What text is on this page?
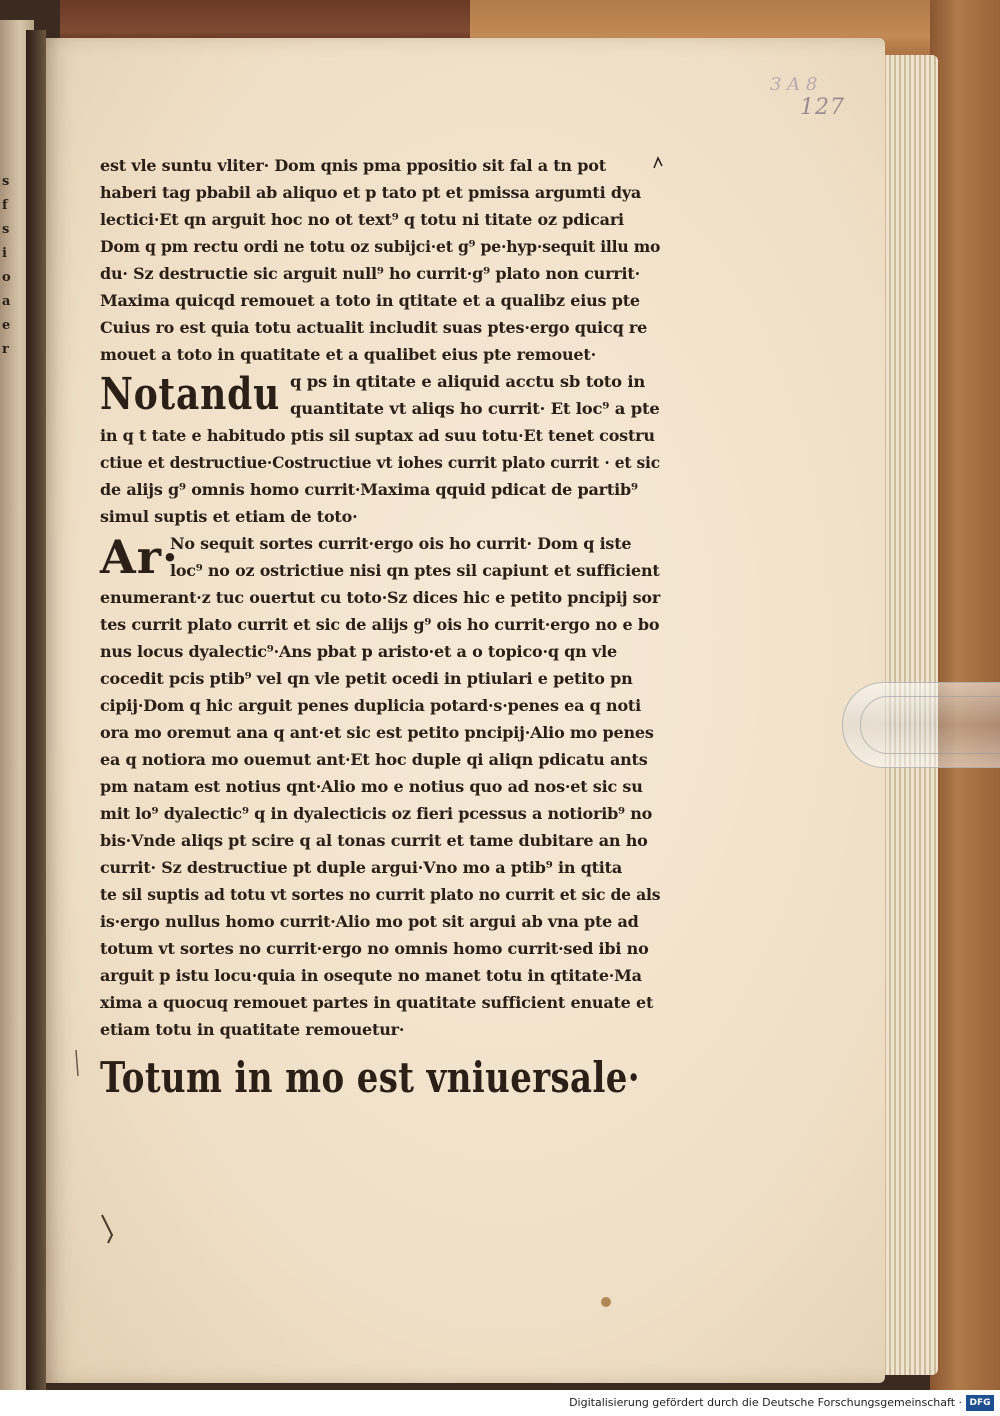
s
f
s
i
o
a
e
r
3 A 8
127
est vle suntu vliter· Dom qnis pma ppositio sit fal a tn pot
haberi tag pbabil ab aliquo et p tato pt et pmissa argumti dya
lectici·Et qn arguit hoc no ot text⁹ q totu ni titate oz pdicari
Dom q pm rectu ordi ne totu oz subijci·et g⁹ pe·hyp·sequit illu mo
du· Sz destructie sic arguit null⁹ ho currit·g⁹ plato non currit·
Maxima quicqd remouet a toto in qtitate et a qualibz eius pte
Cuius ro est quia totu actualit includit suas ptes·ergo quicq re
mouet a toto in quatitate et a qualibet eius pte remouet·
Notandu q ps in qtitate e aliquid acctu sb toto in
quantitate vt aliqs ho currit· Et loc⁹ a pte
in q t tate e habitudo ptis sil suptax ad suu totu·Et tenet costru
ctiue et destructiue·Costructiue vt iohes currit plato currit · et sic
de alijs g⁹ omnis homo currit·Maxima qquid pdicat de partib⁹
simul suptis et etiam de toto·
Ar·
No sequit sortes currit·ergo ois ho currit· Dom q iste
loc⁹ no oz ostrictiue nisi qn ptes sil capiunt et sufficient
enumerant·z tuc ouertut cu toto·Sz dices hic e petito pncipij sor
tes currit plato currit et sic de alijs g⁹ ois ho currit·ergo no e bo
nus locus dyalectic⁹·Ans pbat p aristo·et a o topico·q qn vle
cocedit pcis ptib⁹ vel qn vle petit ocedi in ptiulari e petito pn
cipij·Dom q hic arguit penes duplicia potard·s·penes ea q noti
ora mo oremut ana q ant·et sic est petito pncipij·Alio mo penes
ea q notiora mo ouemut ant·Et hoc duple qi aliqn pdicatu ants
pm natam est notius qnt·Alio mo e notius quo ad nos·et sic su
mit lo⁹ dyalectic⁹ q in dyalecticis oz fieri pcessus a notiorib⁹ no
bis·Vnde aliqs pt scire q al tonas currit et tame dubitare an ho
currit· Sz destructiue pt duple argui·Vno mo a ptib⁹ in qtita
te sil suptis ad totu vt sortes no currit plato no currit et sic de als
is·ergo nullus homo currit·Alio mo pot sit argui ab vna pte ad
totum vt sortes no currit·ergo no omnis homo currit·sed ibi no
arguit p istu locu·quia in osequte no manet totu in qtitate·Ma
xima a quocuq remouet partes in quatitate sufficient enuate et
etiam totu in quatitate remouetur·
Totum in mo est vniuersale·
Digitalisierung gefördert durch die Deutsche Forschungsgemeinschaft · DFG
